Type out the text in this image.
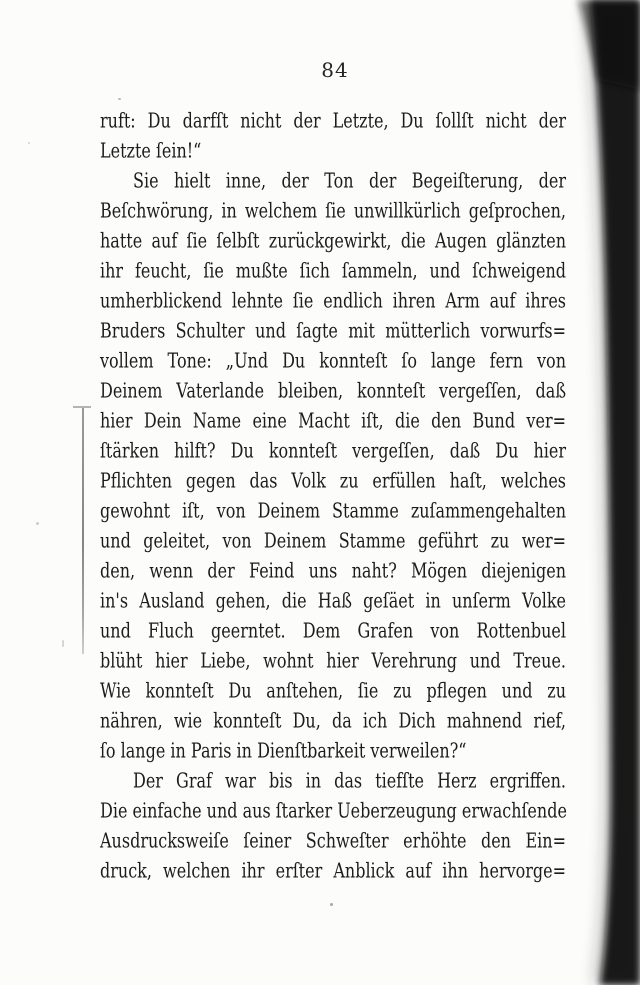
84
ruft: Du darfſt nicht der Letzte, Du ſollſt nicht der
Letzte ſein!“
Sie hielt inne, der Ton der Begeiſterung, der
Beſchwörung, in welchem ſie unwillkürlich geſprochen,
hatte auf ſie ſelbſt zurückgewirkt, die Augen glänzten
ihr feucht, ſie mußte ſich ſammeln, und ſchweigend
umherblickend lehnte ſie endlich ihren Arm auf ihres
Bruders Schulter und ſagte mit mütterlich vorwurfs=
vollem Tone: „Und Du konnteſt ſo lange fern von
Deinem Vaterlande bleiben, konnteſt vergeſſen, daß
hier Dein Name eine Macht iſt, die den Bund ver=
ſtärken hilft? Du konnteſt vergeſſen, daß Du hier
Pflichten gegen das Volk zu erfüllen haſt, welches
gewohnt iſt, von Deinem Stamme zuſammengehalten
und geleitet, von Deinem Stamme geführt zu wer=
den, wenn der Feind uns naht? Mögen diejenigen
in's Ausland gehen, die Haß geſäet in unſerm Volke
und Fluch geerntet. Dem Grafen von Rottenbuel
blüht hier Liebe, wohnt hier Verehrung und Treue.
Wie konnteſt Du anſtehen, ſie zu pflegen und zu
nähren, wie konnteſt Du, da ich Dich mahnend rief,
ſo lange in Paris in Dienſtbarkeit verweilen?“
Der Graf war bis in das tiefſte Herz ergriffen.
Die einfache und aus ſtarker Ueberzeugung erwachſende
Ausdrucksweiſe ſeiner Schweſter erhöhte den Ein=
druck, welchen ihr erſter Anblick auf ihn hervorge=
